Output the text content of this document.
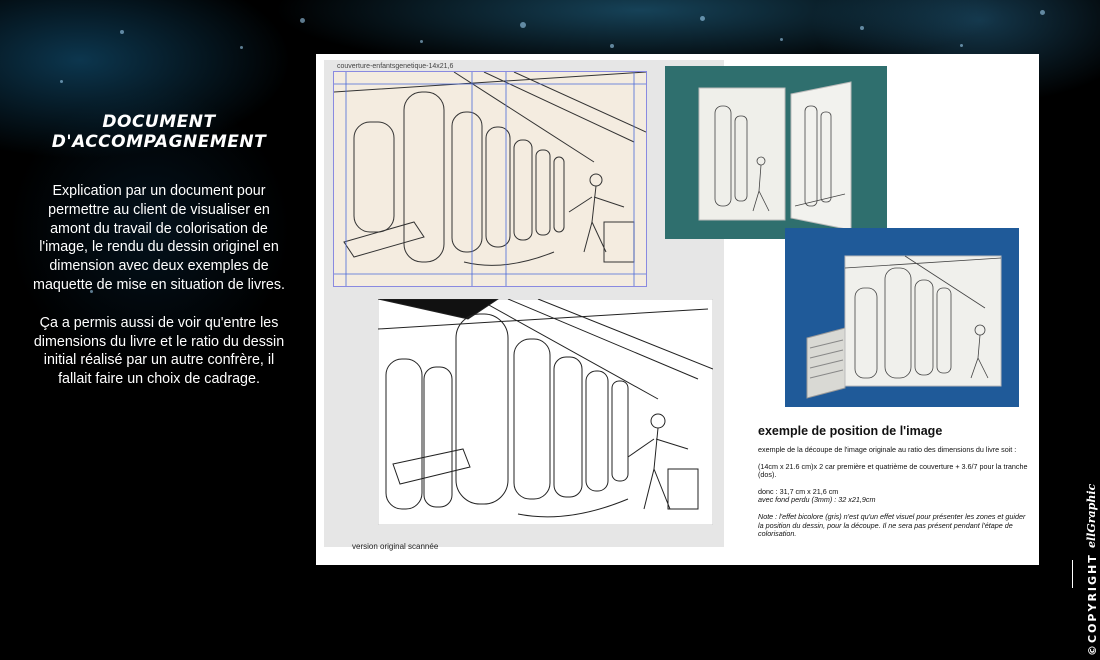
DOCUMENT D'ACCOMPAGNEMENT

Explication par un document pour permettre au client de visualiser en amont du travail de colorisation de l'image, le rendu du dessin originel en dimension avec deux exemples de maquette de mise en situation de livres.

Ça a permis aussi de voir qu'entre les dimensions du livre et le ratio du dessin initial réalisé par un autre confrère, il fallait faire un choix de cadrage.

couverture-enfantsgenetique-14x21,6
version original scannée
exemple de position de l'image

exemple de la découpe de l'image originale au ratio des dimensions du livre soit :

(14cm x 21.6 cm)x 2 car première et quatrième de couverture + 3.6/7 pour la tranche (dos).

donc : 31,7 cm x 21,6 cm

avec fond perdu (3mm) : 32 x21,9cm

Note : l'effet bicolore (gris) n'est qu'un effet visuel pour présenter les zones et guider la position du dessin, pour la découpe. Il ne sera pas présent pendant l'étape de colorisation.	ellGraphic
©COPYRIGHT
